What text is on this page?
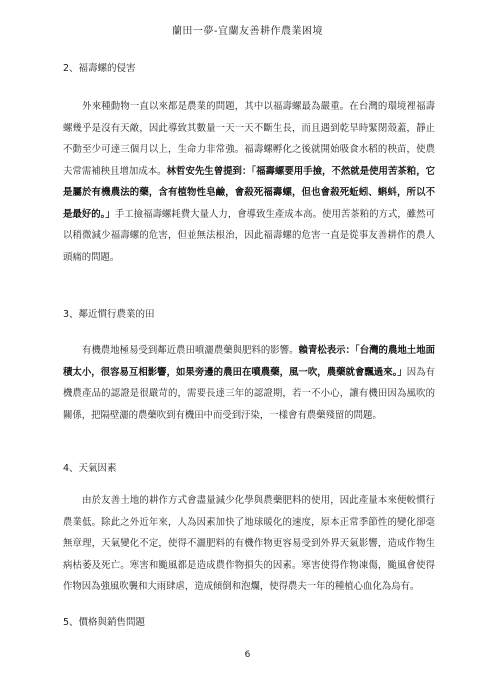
蘭田一夢-宜蘭友善耕作農業困境
2、福壽螺的侵害

外來種動物一直以來都是農業的問題，其中以福壽螺最為嚴重。在台灣的環境裡福壽螺幾乎是沒有天敵，因此導致其數量一天一天不斷生長，而且遇到乾旱時緊閉殼蓋，靜止不動至少可達三個月以上，生命力非常強。福壽螺孵化之後就開始吸食水稻的秧苗，使農夫常需補秧且增加成本。林哲安先生曾提到：「福壽螺要用手撿，不然就是使用苦茶粕，它是屬於有機農法的藥，含有植物性皂鹼，會殺死福壽螺，但也會殺死蚯蚓、蝌蚪，所以不是最好的。」手工撿福壽螺耗費大量人力，會導致生產成本高。使用苦茶粕的方式，雖然可以稍微減少福壽螺的危害，但並無法根治，因此福壽螺的危害一直是從事友善耕作的農人頭痛的問題。

3、鄰近慣行農業的田

有機農地極易受到鄰近農田噴灑農藥與肥料的影響。賴青松表示：「台灣的農地土地面積太小，很容易互相影響，如果旁邊的農田在噴農藥，風一吹，農藥就會飄過來。」因為有機農產品的認證是很嚴苛的，需要長達三年的認證期，若一不小心，讓有機田因為風吹的關係，把隔壁灑的農藥吹到有機田中而受到汙染，一樣會有農藥殘留的問題。

4、天氣因素

由於友善土地的耕作方式會盡量減少化學與農藥肥料的使用，因此產量本來便較慣行農業低。除此之外近年來，人為因素加快了地球暖化的速度，原本正常季節性的變化卻毫無章理，天氣變化不定，使得不灑肥料的有機作物更容易受到外界天氣影響，造成作物生病枯萎及死亡。寒害和颱風都是造成農作物損失的因素。寒害使得作物凍傷，颱風會使得作物因為強風吹襲和大雨肆虐，造成傾倒和泡爛，使得農夫一年的種植心血化為烏有。

5、價格與銷售問題
6
